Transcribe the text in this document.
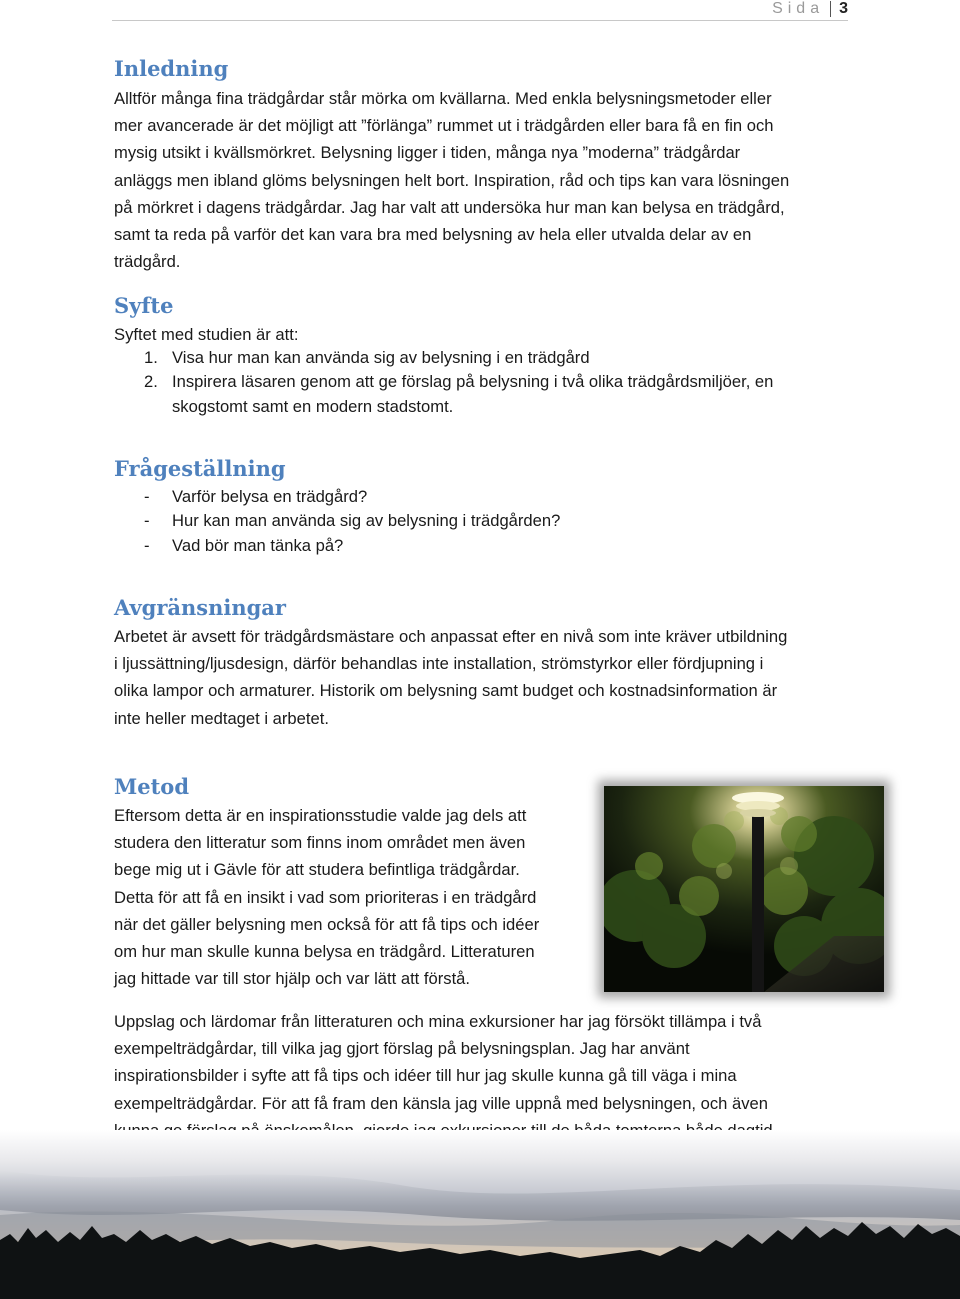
Sida 3
Inledning
Alltför många fina trädgårdar står mörka om kvällarna. Med enkla belysningsmetoder eller
mer avancerade är det möjligt att ”förlänga” rummet ut i trädgården eller bara få en fin och
mysig utsikt i kvällsmörkret. Belysning ligger i tiden, många nya ”moderna” trädgårdar
anläggs men ibland glöms belysningen helt bort. Inspiration, råd och tips kan vara lösningen
på mörkret i dagens trädgårdar. Jag har valt att undersöka hur man kan belysa en trädgård,
samt ta reda på varför det kan vara bra med belysning av hela eller utvalda delar av en
trädgård.
Syfte
Syftet med studien är att:
1. Visa hur man kan använda sig av belysning i en trädgård
2. Inspirera läsaren genom att ge förslag på belysning i två olika trädgårdsmiljöer, en
skogstomt samt en modern stadstomt.
Frågeställning
-	Varför belysa en trädgård?
-	Hur kan man använda sig av belysning i trädgården?
-	Vad bör man tänka på?
Avgränsningar
Arbetet är avsett för trädgårdsmästare och anpassat efter en nivå som inte kräver utbildning
i ljussättning/ljusdesign, därför behandlas inte installation, strömstyrkor eller fördjupning i
olika lampor och armaturer. Historik om belysning samt budget och kostnadsinformation är
inte heller medtaget i arbetet.
Metod
Eftersom detta är en inspirationsstudie valde jag dels att
studera den litteratur som finns inom området men även
bege mig ut i Gävle för att studera befintliga trädgårdar.
Detta för att få en insikt i vad som prioriteras i en trädgård
när det gäller belysning men också för att få tips och idéer
om hur man skulle kunna belysa en trädgård. Litteraturen
jag hittade var till stor hjälp och var lätt att förstå.
Uppslag och lärdomar från litteraturen och mina exkursioner har jag försökt tillämpa i två
exempelträdgårdar, till vilka jag gjort förslag på belysningsplan. Jag har använt
inspirationsbilder i syfte att få tips och idéer till hur jag skulle kunna gå till väga i mina
exempelträdgårdar. För att få fram den känsla jag ville uppnå med belysningen, och även
